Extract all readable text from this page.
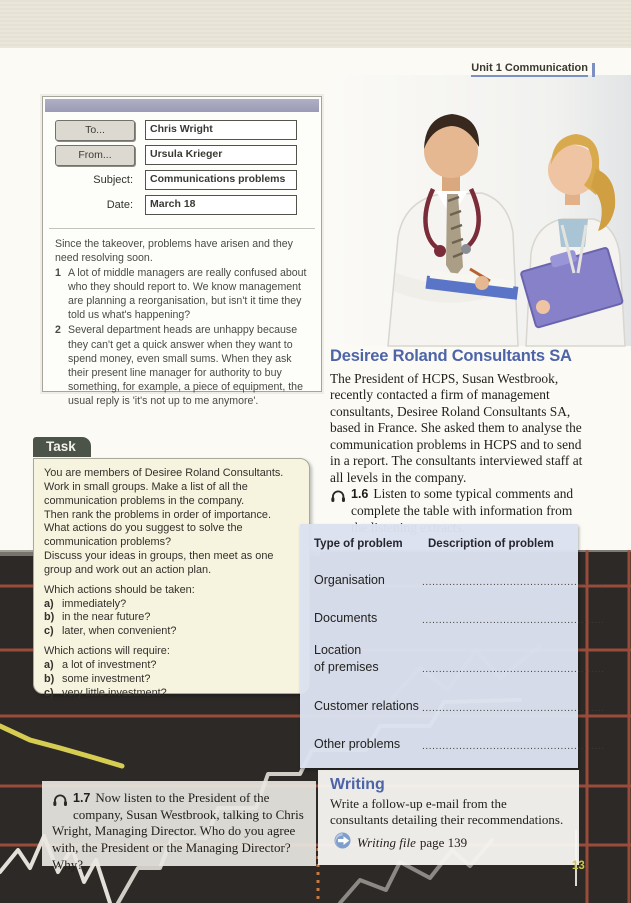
Unit 1 Communication
To...	Chris Wright
From...	Ursula Krieger
Subject:	Communications problems
Date:	March 18
Since the takeover, problems have arisen and they need resolving soon.
1 A lot of middle managers are really confused about who they should report to. We know management are planning a reorganisation, but isn't it time they told us what's happening?
2 Several department heads are unhappy because they can't get a quick answer when they want to spend money, even small sums. When they ask their present line manager for authority to buy something, for example, a piece of equipment, the usual reply is 'it's not up to me anymore'.
Task
You are members of Desiree Roland Consultants. Work in small groups. Make a list of all the communication problems in the company.
Then rank the problems in order of importance.
What actions do you suggest to solve the communication problems?
Discuss your ideas in groups, then meet as one group and work out an action plan.
Which actions should be taken:
a) immediately?
b) in the near future?
c) later, when convenient?
Which actions will require:
a) a lot of investment?
b) some investment?
c) very little investment?
Desiree Roland Consultants SA
The President of HCPS, Susan Westbrook, recently contacted a firm of management consultants, Desiree Roland Consultants SA, based in France. She asked them to analyse the communication problems in HCPS and to send in a report. The consultants interviewed staff at all levels in the company.
1.6 Listen to some typical comments and complete the table with information from
Type of problem	Description of problem
Organisation	......................................................
Documents	......................................................
Location
of premises	......................................................
Customer relations ......................................................
Other problems	......................................................
1.7 Now listen to the President of the company, Susan Westbrook, talking to Chris Wright, Managing Director. Who do you agree with, the President or the Managing Director? Why?
Writing
Write a follow-up e-mail from the consultants detailing their recommendations.
Writing file page 139
13
